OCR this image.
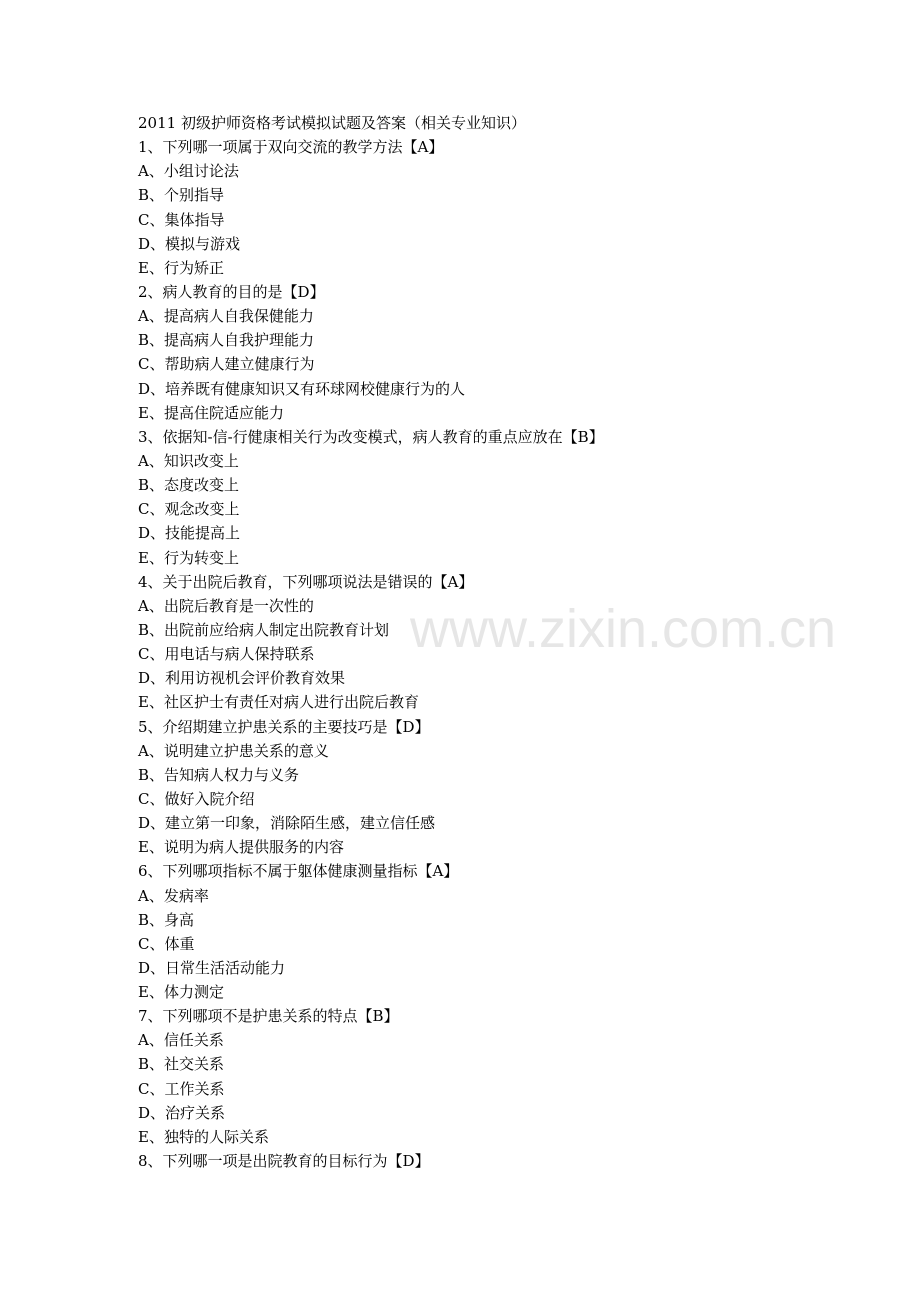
www.zixin.com.cn
2011 初级护师资格考试模拟试题及答案（相关专业知识）
1、下列哪一项属于双向交流的教学方法【A】
A、小组讨论法
B、个别指导
C、集体指导
D、模拟与游戏
E、行为矫正
2、病人教育的目的是【D】
A、提高病人自我保健能力
B、提高病人自我护理能力
C、帮助病人建立健康行为
D、培养既有健康知识又有环球网校健康行为的人
E、提高住院适应能力
3、依据知-信-行健康相关行为改变模式，病人教育的重点应放在【B】
A、知识改变上
B、态度改变上
C、观念改变上
D、技能提高上
E、行为转变上
4、关于出院后教育，下列哪项说法是错误的【A】
A、出院后教育是一次性的
B、出院前应给病人制定出院教育计划
C、用电话与病人保持联系
D、利用访视机会评价教育效果
E、社区护士有责任对病人进行出院后教育
5、介绍期建立护患关系的主要技巧是【D】
A、说明建立护患关系的意义
B、告知病人权力与义务
C、做好入院介绍
D、建立第一印象，消除陌生感，建立信任感
E、说明为病人提供服务的内容
6、下列哪项指标不属于躯体健康测量指标【A】
A、发病率
B、身高
C、体重
D、日常生活活动能力
E、体力测定
7、下列哪项不是护患关系的特点【B】
A、信任关系
B、社交关系
C、工作关系
D、治疗关系
E、独特的人际关系
8、下列哪一项是出院教育的目标行为【D】
